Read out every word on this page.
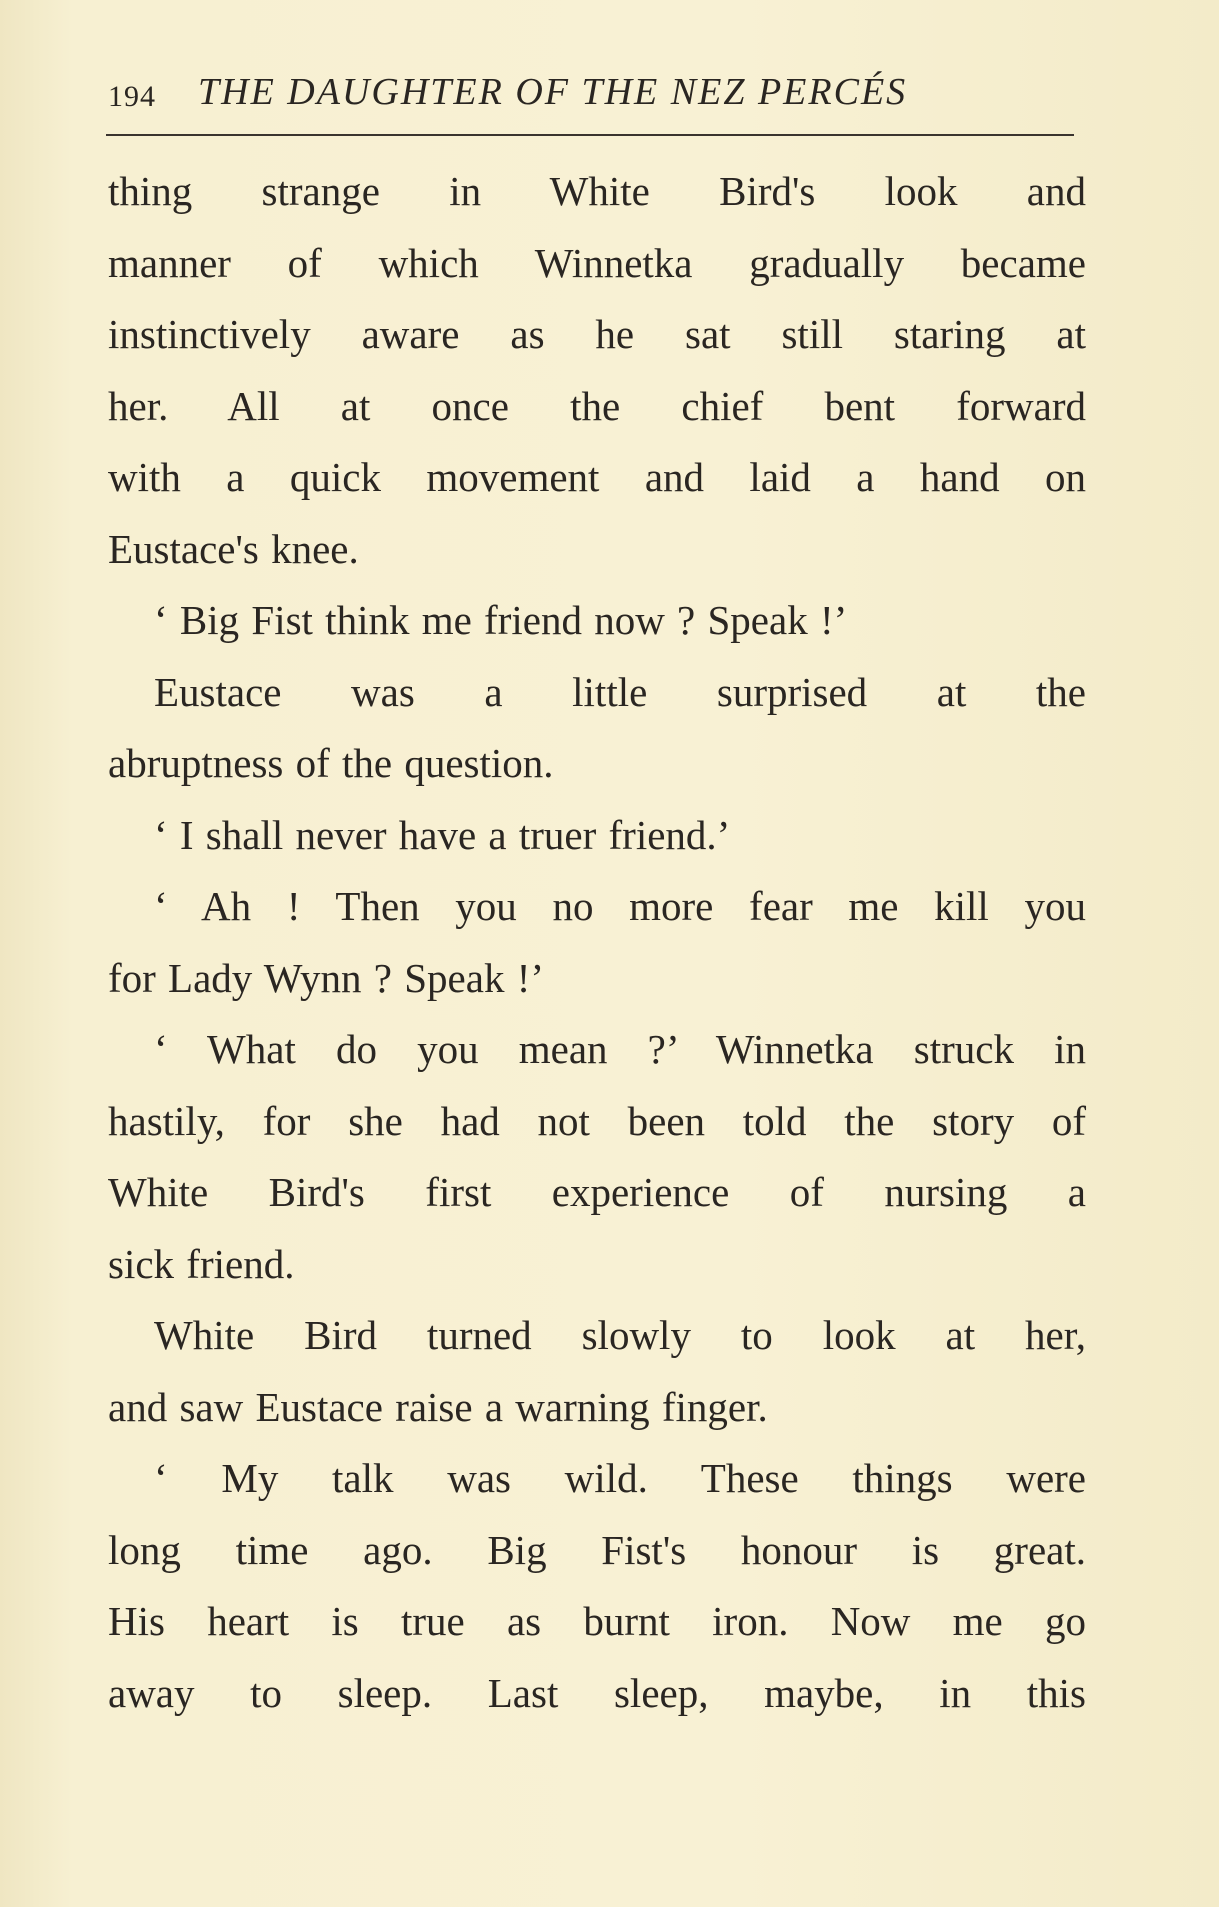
194 THE DAUGHTER OF THE NEZ PERCÉS
thing strange in White Bird's look and
manner of which Winnetka gradually became
instinctively aware as he sat still staring at
her. All at once the chief bent forward
with a quick movement and laid a hand on
Eustace's knee.
‘ Big Fist think me friend now ? Speak !’
Eustace was a little surprised at the
abruptness of the question.
‘ I shall never have a truer friend.’
‘ Ah ! Then you no more fear me kill you
for Lady Wynn ? Speak !’
‘ What do you mean ?’ Winnetka struck in
hastily, for she had not been told the story of
White Bird's first experience of nursing a
sick friend.
White Bird turned slowly to look at her,
and saw Eustace raise a warning finger.
‘ My talk was wild. These things were
long time ago. Big Fist's honour is great.
His heart is true as burnt iron. Now me go
away to sleep. Last sleep, maybe, in this
